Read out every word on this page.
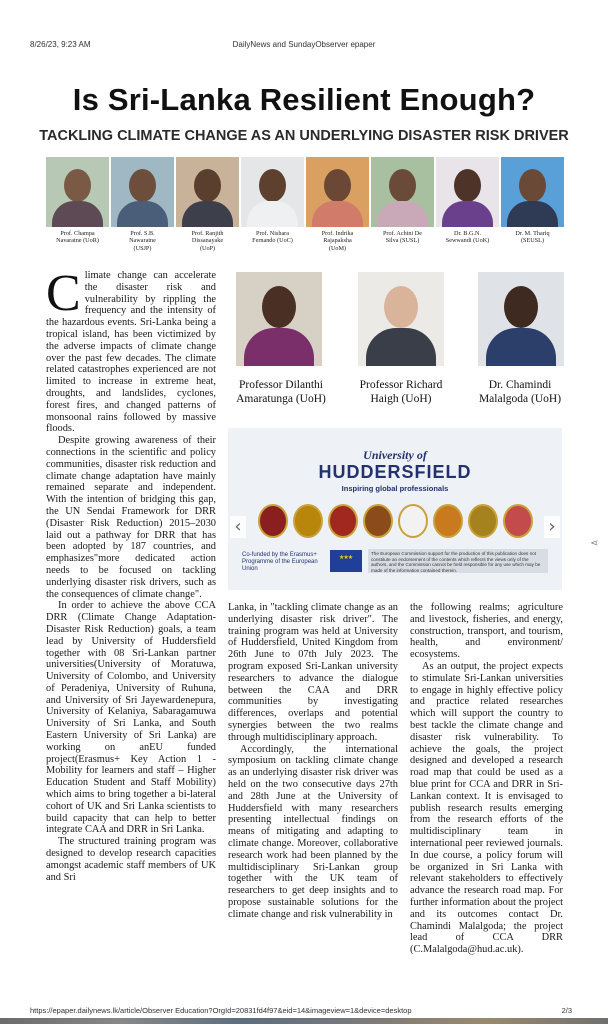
8/26/23, 9:23 AM	DailyNews and SundayObserver epaper
Is Sri-Lanka Resilient Enough?
TACKLING CLIMATE CHANGE AS AN UNDERLYING DISASTER RISK DRIVER
Prof. Champa
Navaratne (UoR)
Prof. S.B.
Nawaratne
(USJP)
Prof. Ranjith
Dissanayake
(UoP)
Prof. Nishara
Fernando (UoC)
Prof. Indrika
Rajapaksha
(UoM)
Prof. Achini De
Silva (SUSL)
Dr. B.G.N.
Sewwandi (UoK)
Dr. M. Thariq
(SEUSL)

Climate change can accelerate the disaster risk and vulnerability by rippling the frequency and the intensity of the hazardous events. Sri-Lanka being a tropical island, has been victimized by the adverse impacts of climate change over the past few decades. The climate related catastrophes experienced are not limited to increase in extreme heat, droughts, and landslides, cyclones, forest fires, and changed patterns of monsoonal rains followed by massive floods.

Despite growing awareness of their connections in the scientific and policy communities, disaster risk reduction and climate change adaptation have mainly remained separate and independent. With the intention of bridging this gap, the UN Sendai Framework for DRR (Disaster Risk Reduction) 2015–2030 laid out a pathway for DRR that has been adopted by 187 countries, and emphasizes"more dedicated action needs to be focused on tackling underlying disaster risk drivers, such as the consequences of climate change".

In order to achieve the above CCA DRR (Climate Change Adaptation- Disaster Risk Reduction) goals, a team lead by University of Huddersfield together with 08 Sri-Lankan partner universities(University of Moratuwa, University of Colombo, and University of Peradeniya, University of Ruhuna, and University of Sri Jayewardenepura, University of Kelaniya, Sabaragamuwa University of Sri Lanka, and South Eastern University of Sri Lanka) are working on anEU funded project(Erasmus+ Key Action 1 - Mobility for learners and staff – Higher Education Student and Staff Mobility) which aims to bring together a bi-lateral cohort of UK and Sri Lanka scientists to build capacity that can help to better integrate CAA and DRR in Sri Lanka.

The structured training program was designed to develop research capacities amongst academic staff members of UK and Sri

Professor Dilanthi
Amaratunga (UoH)
Professor Richard
Haigh (UoH)
Dr. Chamindi
Malalgoda (UoH)
University of
HUDDERSFIELD
Inspiring global professionals
Co-funded by the Erasmus+ Programme of the European Union
★★★
The European Commission support for the production of this publication does not constitute an endorsement of the contents which reflects the views only of the authors, and the Commission cannot be held responsible for any use which may be made of the information contained therein.
‹	›
⋖

Lanka, in "tackling climate change as an underlying disaster risk driver". The training program was held at University of Huddersfield, United Kingdom from 26th June to 07th July 2023. The program exposed Sri-Lankan university researchers to advance the dialogue between the CAA and DRR communities by investigating differences, overlaps and potential synergies between the two realms through multidisciplinary approach.

Accordingly, the international symposium on tackling climate change as an underlying disaster risk driver was held on the two consecutive days 27th and 28th June at the University of Huddersfield with many researchers presenting intellectual findings on means of mitigating and adapting to climate change. Moreover, collaborative research work had been planned by the multidisciplinary Sri-Lankan group together with the UK team of researchers to get deep insights and to propose sustainable solutions for the climate change and risk vulnerability in

the following realms; agriculture and livestock, fisheries, and energy, construction, transport, and tourism, health, and environment/ ecosystems.

As an output, the project expects to stimulate Sri-Lankan universities to engage in highly effective policy and practice related researches which will support the country to best tackle the climate change and disaster risk vulnerability. To achieve the goals, the project designed and developed a research road map that could be used as a blue print for CCA and DRR in Sri-Lankan context. It is envisaged to publish research results emerging from the research efforts of the multidisciplinary team in international peer reviewed journals. In due course, a policy forum will be organized in Sri Lanka with relevant stakeholders to effectively advance the research road map. For further information about the project and its outcomes contact Dr. Chamindi Malalgoda; the project lead of CCA DRR (C.Malalgoda@hud.ac.uk).

https://epaper.dailynews.lk/article/Observer Education?OrgId=20831fd4f97&eid=14&imageview=1&device=desktop	2/3
